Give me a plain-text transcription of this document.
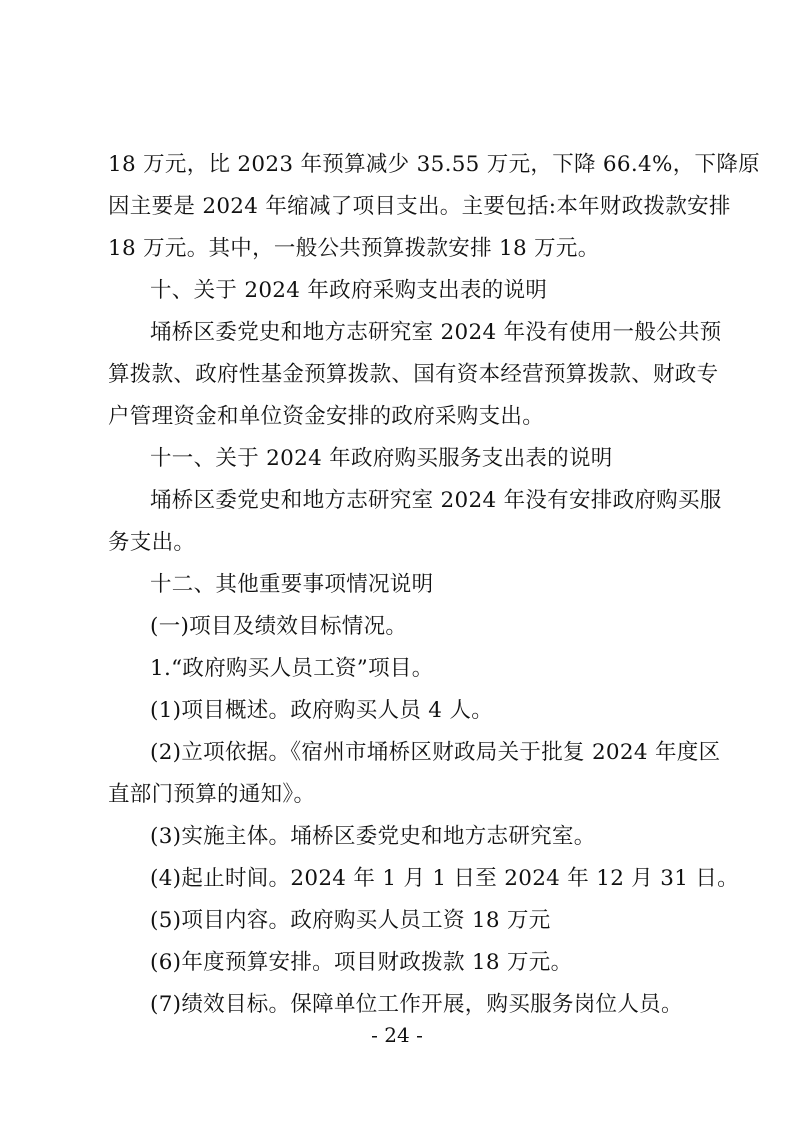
18 万元，比 2023 年预算减少 35.55 万元，下降 66.4%，下降原
因主要是 2024 年缩减了项目支出。主要包括:本年财政拨款安排
18 万元。其中，一般公共预算拨款安排 18 万元。
十、关于 2024 年政府采购支出表的说明
埇桥区委党史和地方志研究室 2024 年没有使用一般公共预
算拨款、政府性基金预算拨款、国有资本经营预算拨款、财政专
户管理资金和单位资金安排的政府采购支出。
十一、关于 2024 年政府购买服务支出表的说明
埇桥区委党史和地方志研究室 2024 年没有安排政府购买服
务支出。
十二、其他重要事项情况说明
(一)项目及绩效目标情况。
1.“政府购买人员工资”项目。
(1)项目概述。政府购买人员 4 人。
(2)立项依据。《宿州市埇桥区财政局关于批复 2024 年度区
直部门预算的通知》。
(3)实施主体。埇桥区委党史和地方志研究室。
(4)起止时间。2024 年 1 月 1 日至 2024 年 12 月 31 日。
(5)项目内容。政府购买人员工资 18 万元
(6)年度预算安排。项目财政拨款 18 万元。
(7)绩效目标。保障单位工作开展，购买服务岗位人员。
- 24 -
